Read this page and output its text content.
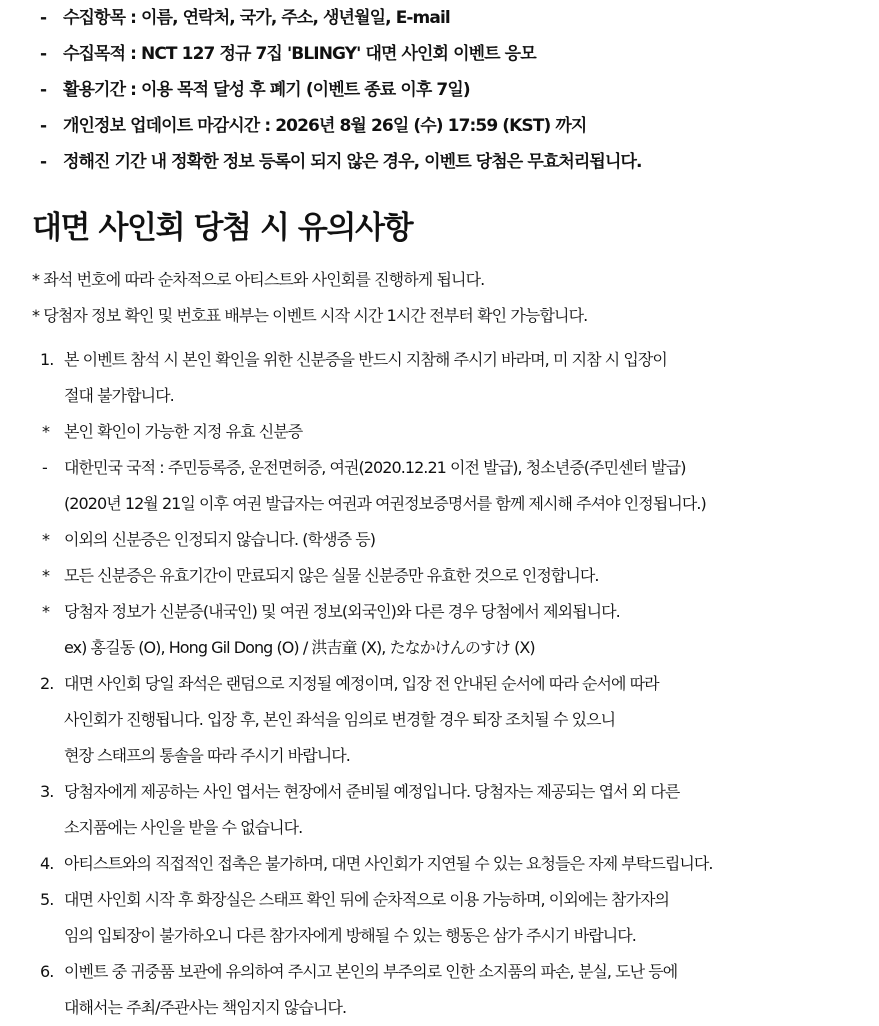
- 수집항목 : 이름, 연락처, 국가, 주소, 생년월일, E-mail
- 수집목적 : NCT 127 정규 7집 'BLINGY' 대면 사인회 이벤트 응모
- 활용기간 : 이용 목적 달성 후 폐기 (이벤트 종료 이후 7일)
- 개인정보 업데이트 마감시간 : 2026년 8월 26일 (수) 17:59 (KST) 까지
- 정해진 기간 내 정확한 정보 등록이 되지 않은 경우, 이벤트 당첨은 무효처리됩니다.
대면 사인회 당첨 시 유의사항
* 좌석 번호에 따라 순차적으로 아티스트와 사인회를 진행하게 됩니다.
* 당첨자 정보 확인 및 번호표 배부는 이벤트 시작 시간 1시간 전부터 확인 가능합니다.
1. 본 이벤트 참석 시 본인 확인을 위한 신분증을 반드시 지참해 주시기 바라며, 미 지참 시 입장이
절대 불가합니다.
* 본인 확인이 가능한 지정 유효 신분증
- 대한민국 국적 : 주민등록증, 운전면허증, 여권(2020.12.21 이전 발급), 청소년증(주민센터 발급)
(2020년 12월 21일 이후 여권 발급자는 여권과 여권정보증명서를 함께 제시해 주셔야 인정됩니다.)
* 이외의 신분증은 인정되지 않습니다. (학생증 등)
* 모든 신분증은 유효기간이 만료되지 않은 실물 신분증만 유효한 것으로 인정합니다.
* 당첨자 정보가 신분증(내국인) 및 여권 정보(외국인)와 다른 경우 당첨에서 제외됩니다.
ex) 홍길동 (O), Hong Gil Dong (O) / 洪吉童 (X), たなかけんのすけ (X)
2. 대면 사인회 당일 좌석은 랜덤으로 지정될 예정이며, 입장 전 안내된 순서에 따라 순서에 따라
사인회가 진행됩니다. 입장 후, 본인 좌석을 임의로 변경할 경우 퇴장 조치될 수 있으니
현장 스태프의 통솔을 따라 주시기 바랍니다.
3. 당첨자에게 제공하는 사인 엽서는 현장에서 준비될 예정입니다. 당첨자는 제공되는 엽서 외 다른
소지품에는 사인을 받을 수 없습니다.
4. 아티스트와의 직접적인 접촉은 불가하며, 대면 사인회가 지연될 수 있는 요청들은 자제 부탁드립니다.
5. 대면 사인회 시작 후 화장실은 스태프 확인 뒤에 순차적으로 이용 가능하며, 이외에는 참가자의
임의 입퇴장이 불가하오니 다른 참가자에게 방해될 수 있는 행동은 삼가 주시기 바랍니다.
6. 이벤트 중 귀중품 보관에 유의하여 주시고 본인의 부주의로 인한 소지품의 파손, 분실, 도난 등에
대해서는 주최/주관사는 책임지지 않습니다.
